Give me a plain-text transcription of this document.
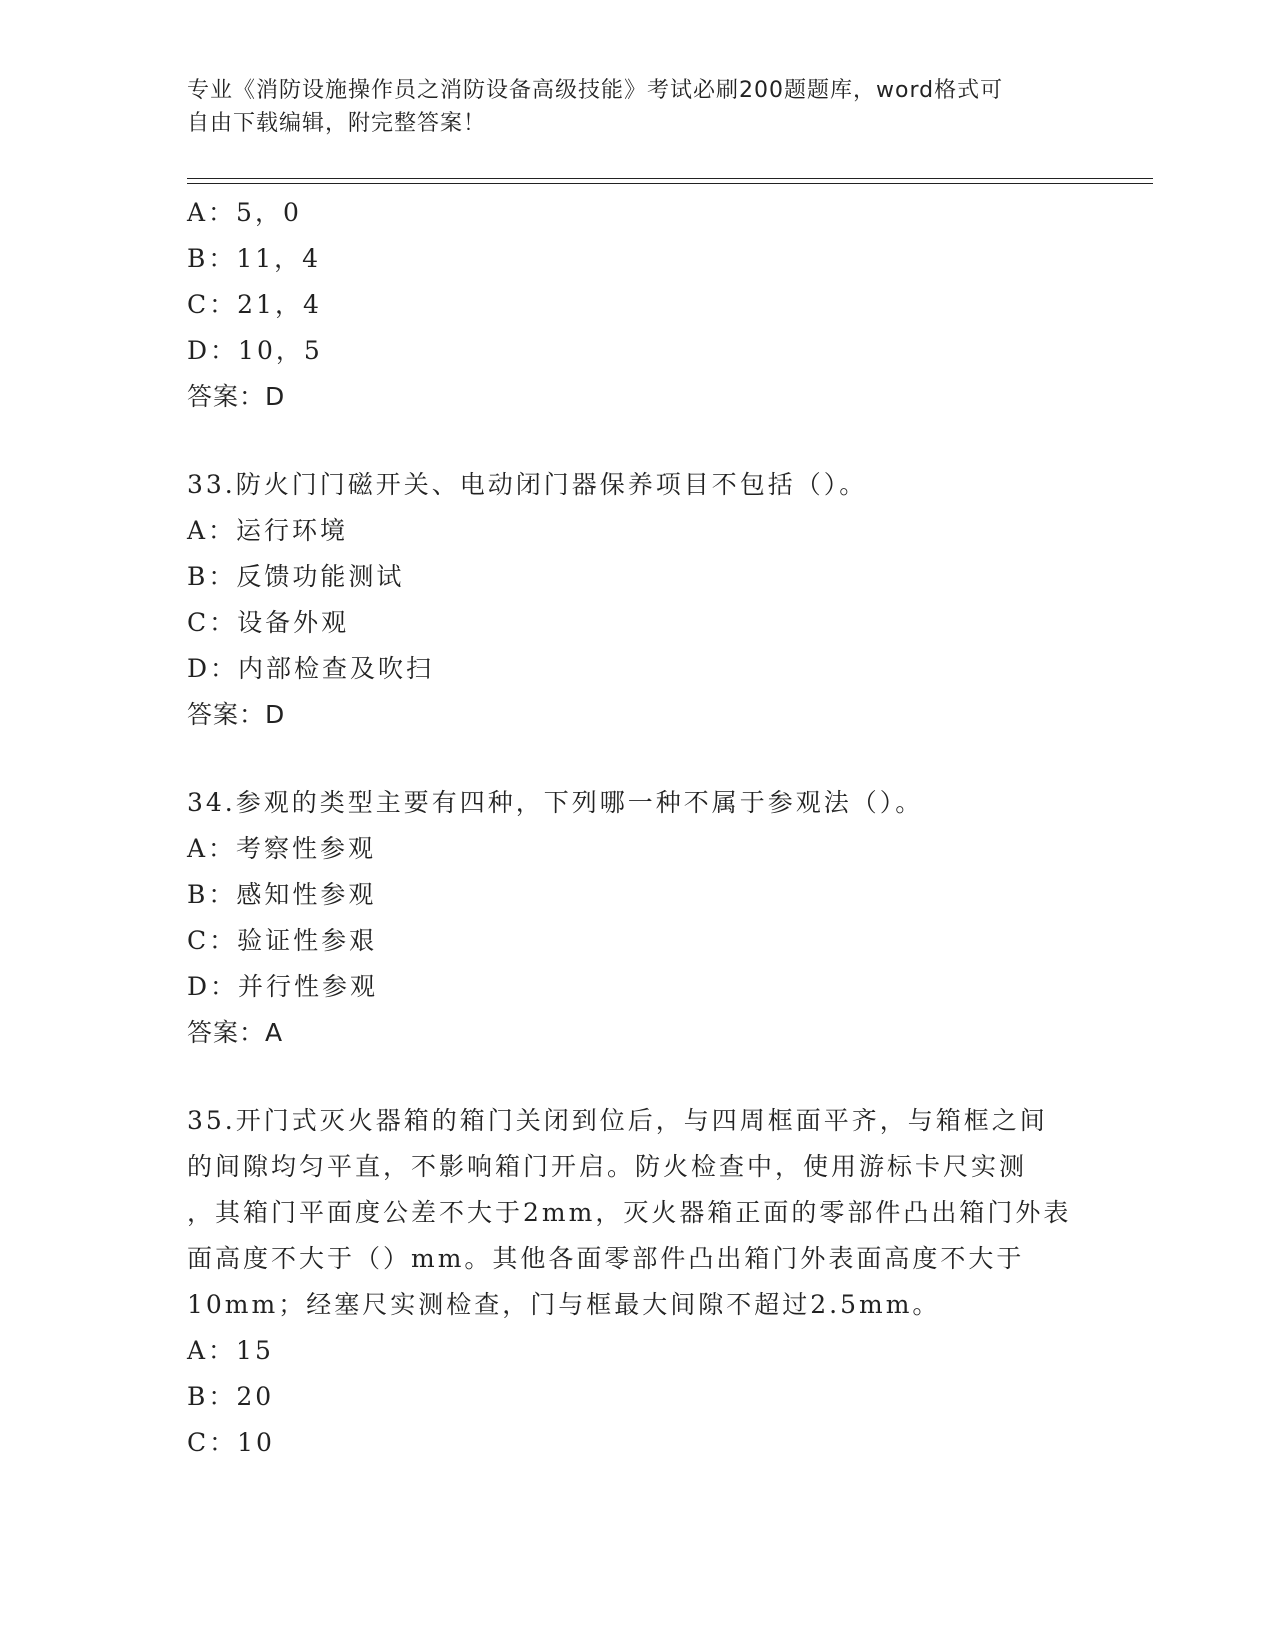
专业《消防设施操作员之消防设备高级技能》考试必刷200题题库，word格式可
自由下载编辑，附完整答案！
A：5，0
B：11，4
C：21，4
D：10，5
答案：D
33.防火门门磁开关、电动闭门器保养项目不包括（）。
A：运行环境
B：反馈功能测试
C：设备外观
D：内部检查及吹扫
答案：D
34.参观的类型主要有四种，下列哪一种不属于参观法（）。
A：考察性参观
B：感知性参观
C：验证性参艰
D：并行性参观
答案：A
35.开门式灭火器箱的箱门关闭到位后，与四周框面平齐，与箱框之间
的间隙均匀平直，不影响箱门开启。防火检查中，使用游标卡尺实测
，其箱门平面度公差不大于2mm，灭火器箱正面的零部件凸出箱门外表
面高度不大于（）mm。其他各面零部件凸出箱门外表面高度不大于
10mm；经塞尺实测检查，门与框最大间隙不超过2.5mm。
A：15
B：20
C：10
